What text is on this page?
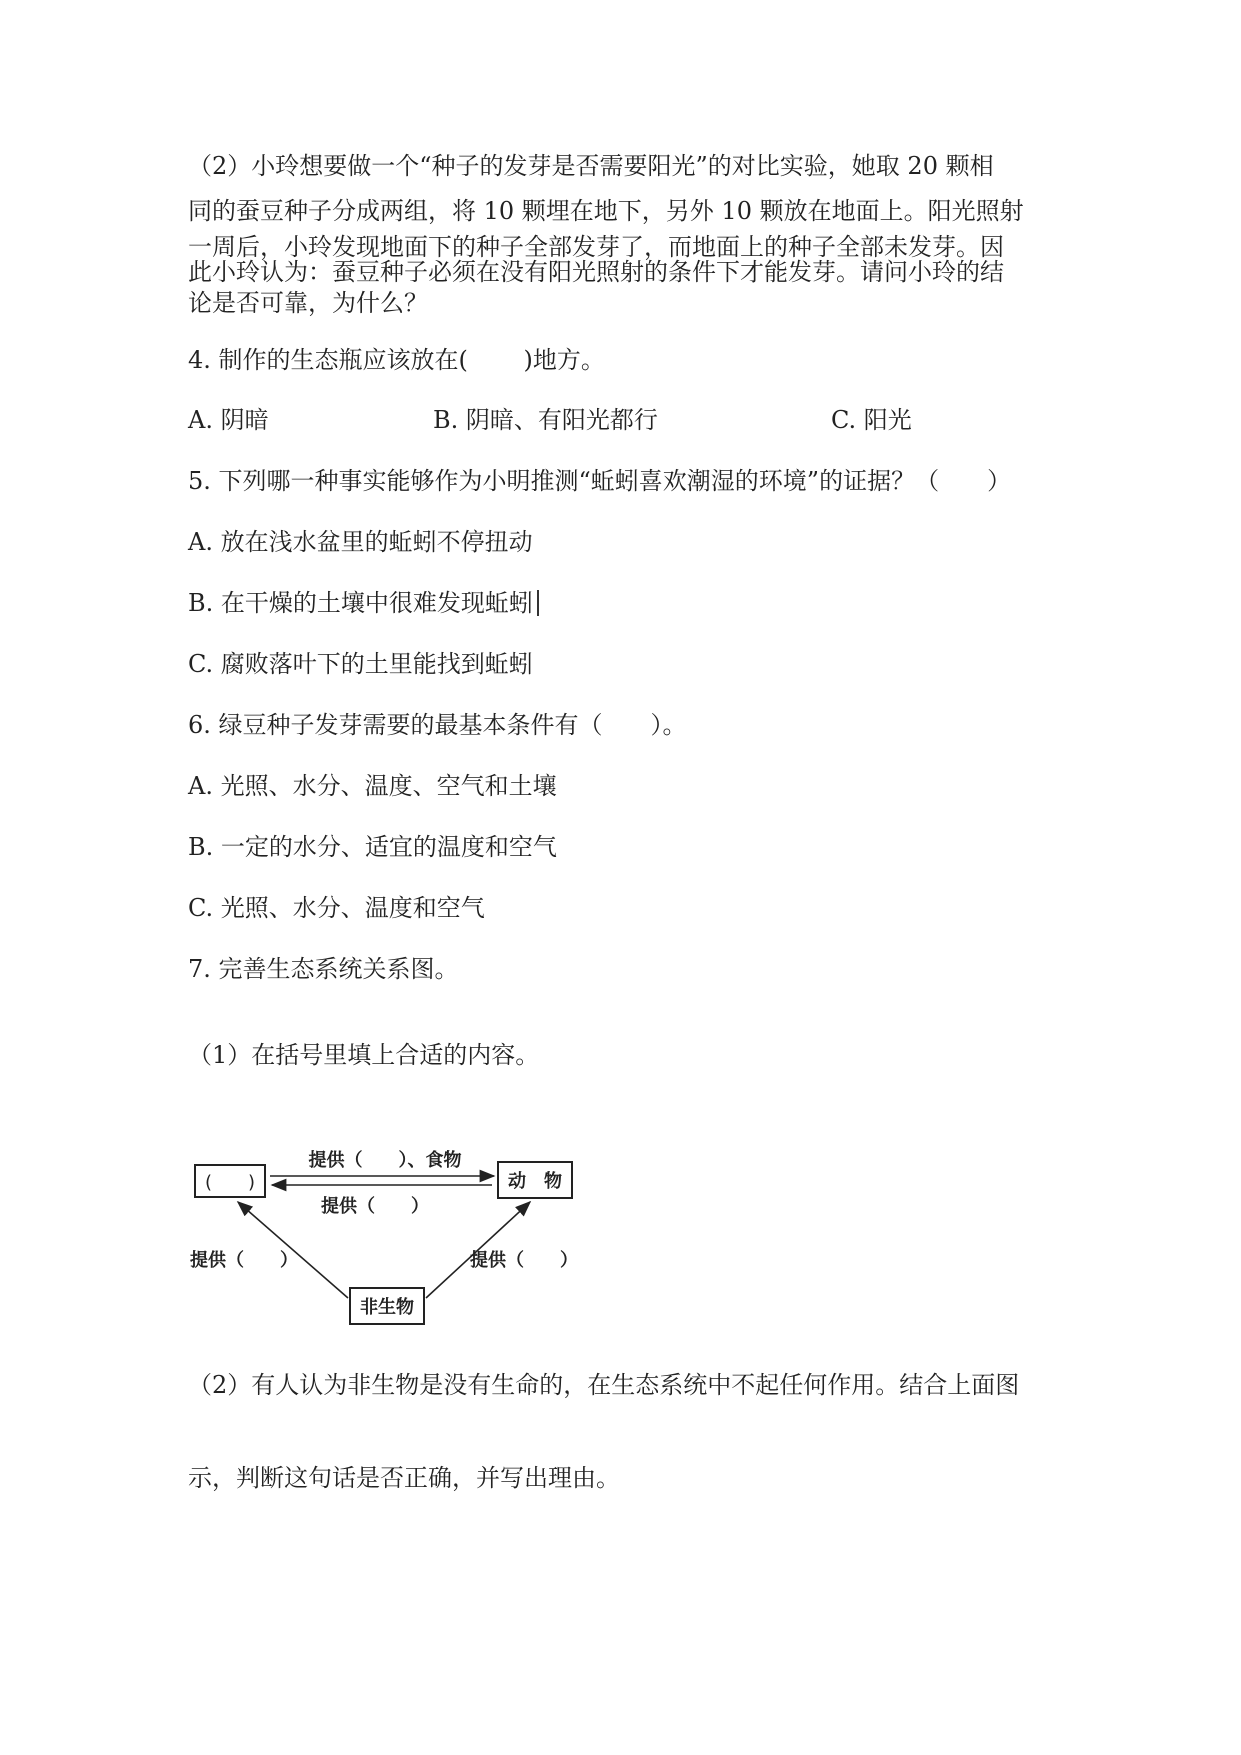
（2）小玲想要做一个“种子的发芽是否需要阳光”的对比实验，她取 20 颗相
同的蚕豆种子分成两组，将 10 颗埋在地下，另外 10 颗放在地面上。阳光照射
一周后，小玲发现地面下的种子全部发芽了，而地面上的种子全部未发芽。因
此小玲认为：蚕豆种子必须在没有阳光照射的条件下才能发芽。请问小玲的结
论是否可靠，为什么？
4. 制作的生态瓶应该放在(　　 )地方。
A. 阴暗	B. 阴暗、有阳光都行	C. 阳光
5. 下列哪一种事实能够作为小明推测“蚯蚓喜欢潮湿的环境”的证据？（　　）
A. 放在浅水盆里的蚯蚓不停扭动
B. 在干燥的土壤中很难发现蚯蚓
C. 腐败落叶下的土里能找到蚯蚓
6. 绿豆种子发芽需要的最基本条件有（　　）。
A. 光照、水分、温度、空气和土壤
B. 一定的水分、适宜的温度和空气
C. 光照、水分、温度和空气
7. 完善生态系统关系图。
（1）在括号里填上合适的内容。
(　　)	动　物
非生物
提供（　　）、食物
提供（　　）
提供（　　）	提供（　　）
（2）有人认为非生物是没有生命的，在生态系统中不起任何作用。结合上面图
示，判断这句话是否正确，并写出理由。
